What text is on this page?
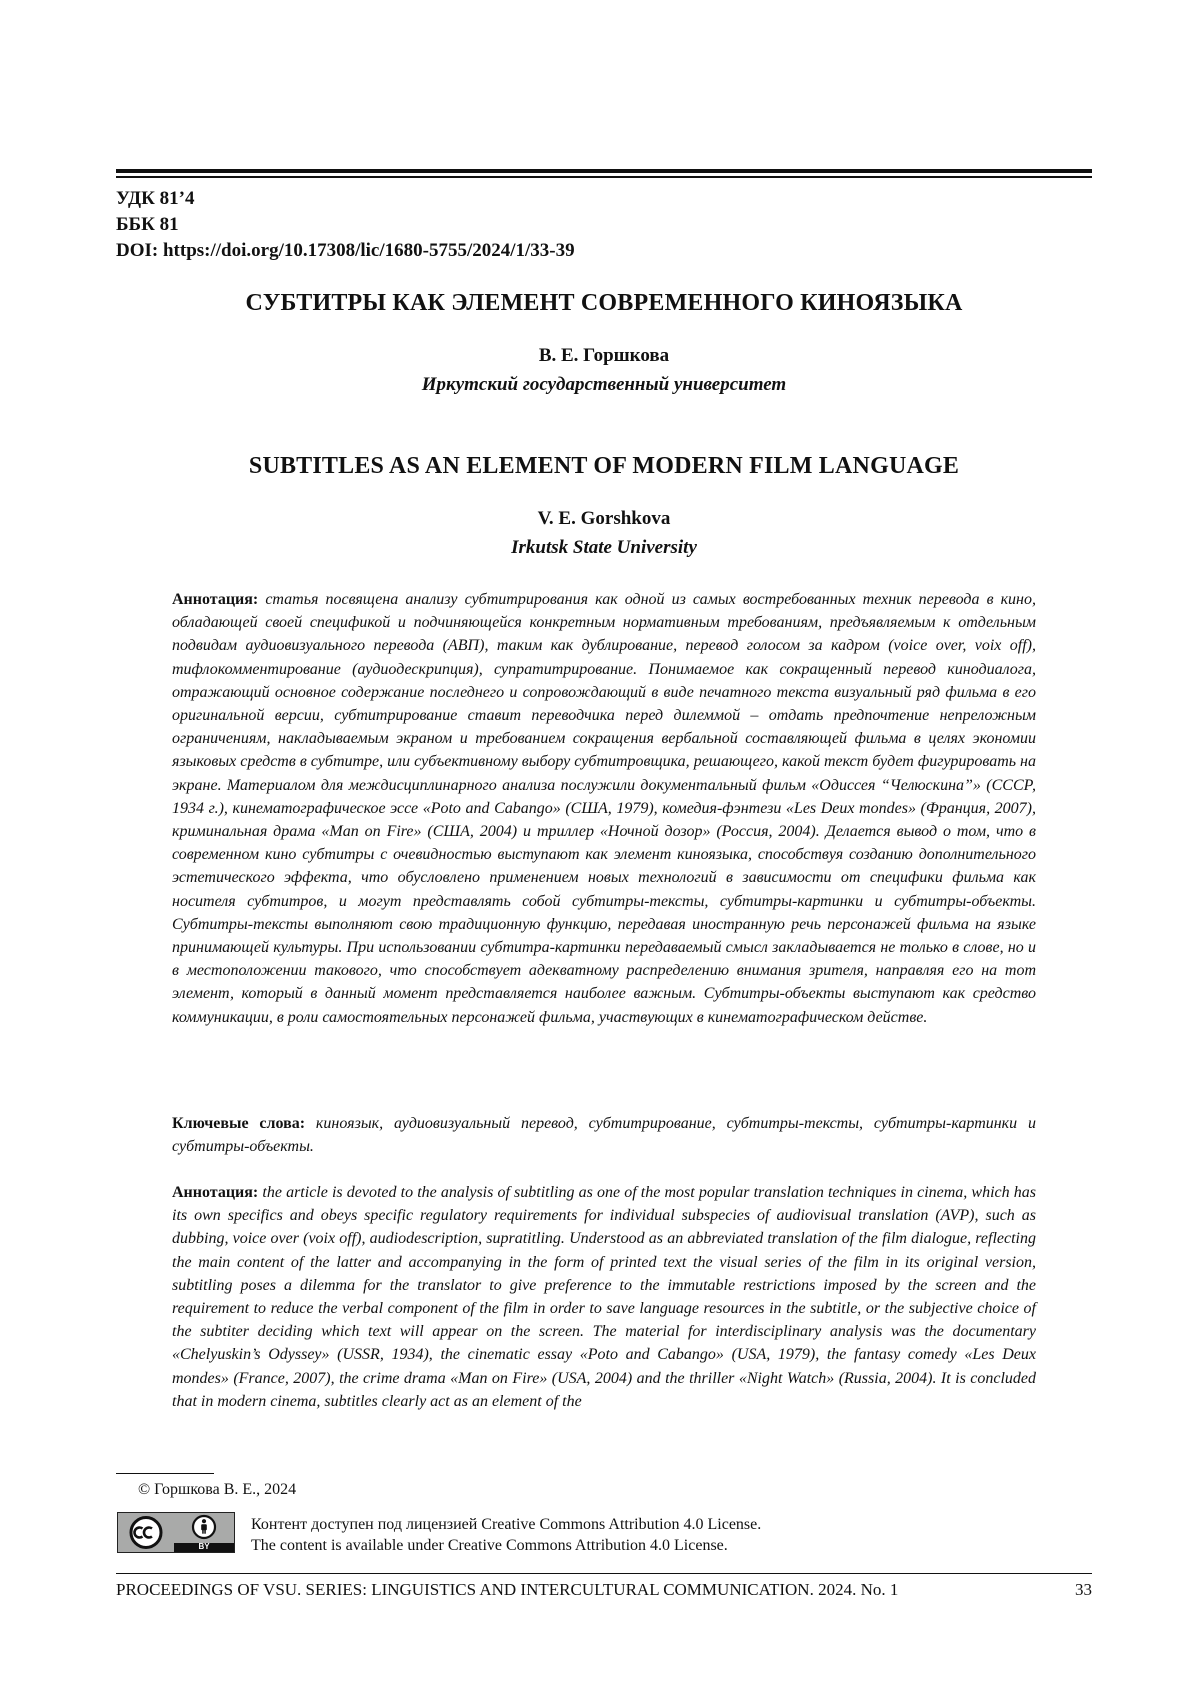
УДК 81’4
ББК 81
DOI: https://doi.org/10.17308/lic/1680-5755/2024/1/33-39
СУБТИТРЫ КАК ЭЛЕМЕНТ СОВРЕМЕННОГО КИНОЯЗЫКА
В. Е. Горшкова
Иркутский государственный университет
SUBTITLES AS AN ELEMENT OF MODERN FILM LANGUAGE
V. E. Gorshkova
Irkutsk State University
Аннотация: статья посвящена анализу субтитрирования как одной из самых востребованных техник перевода в кино, обладающей своей спецификой и подчиняющейся конкретным нормативным требованиям, предъявляемым к отдельным подвидам аудиовизуального перевода (АВП), таким как дублирование, перевод голосом за кадром (voice over, voix off), тифлокомментирование (аудиодескрипция), супратитрирование. Понимаемое как сокращенный перевод кинодиалога, отражающий основное содержание последнего и сопровождающий в виде печатного текста визуальный ряд фильма в его оригинальной версии, субтитрирование ставит переводчика перед дилеммой – отдать предпочтение непреложным ограничениям, накладываемым экраном и требованием сокращения вербальной составляющей фильма в целях экономии языковых средств в субтитре, или субъективному выбору субтитровщика, решающего, какой текст будет фигурировать на экране. Материалом для междисциплинарного анализа послужили документальный фильм «Одиссея “Челюскина”» (СССР, 1934 г.), кинематографическое эссе «Poto and Cabango» (США, 1979), комедия-фэнтези «Les Deux mondes» (Франция, 2007), криминальная драма «Man on Fire» (США, 2004) и триллер «Ночной дозор» (Россия, 2004). Делается вывод о том, что в современном кино субтитры с очевидностью выступают как элемент киноязыка, способствуя созданию дополнительного эстетического эффекта, что обусловлено применением новых технологий в зависимости от специфики фильма как носителя субтитров, и могут представлять собой субтитры-тексты, субтитры-картинки и субтитры-объекты. Субтитры-тексты выполняют свою традиционную функцию, передавая иностранную речь персонажей фильма на языке принимающей культуры. При использовании субтитра-картинки передаваемый смысл закладывается не только в слове, но и в местоположении такового, что способствует адекватному распределению внимания зрителя, направляя его на тот элемент, который в данный момент представляется наиболее важным. Субтитры-объекты выступают как средство коммуникации, в роли самостоятельных персонажей фильма, участвующих в кинематографическом действе.
Ключевые слова: киноязык, аудиовизуальный перевод, субтитрирование, субтитры-тексты, субтитры-картинки и субтитры-объекты.
Аннотация: the article is devoted to the analysis of subtitling as one of the most popular translation techniques in cinema, which has its own specifics and obeys specific regulatory requirements for individual subspecies of audiovisual translation (AVP), such as dubbing, voice over (voix off), audiodescription, supratitling. Understood as an abbreviated translation of the film dialogue, reflecting the main content of the latter and accompanying in the form of printed text the visual series of the film in its original version, subtitling poses a dilemma for the translator to give preference to the immutable restrictions imposed by the screen and the requirement to reduce the verbal component of the film in order to save language resources in the subtitle, or the subjective choice of the subtiter deciding which text will appear on the screen. The material for interdisciplinary analysis was the documentary «Chelyuskin’s Odyssey» (USSR, 1934), the cinematic essay «Poto and Cabango» (USA, 1979), the fantasy comedy «Les Deux mondes» (France, 2007), the crime drama «Man on Fire» (USA, 2004) and the thriller «Night Watch» (Russia, 2004). It is concluded that in modern cinema, subtitles clearly act as an element of the
© Горшкова В. Е., 2024
BY
Контент доступен под лицензией Creative Commons Attribution 4.0 License.
The content is available under Creative Commons Attribution 4.0 License.
PROCEEDINGS OF VSU. SERIES: LINGUISTICS AND INTERCULTURAL COMMUNICATION. 2024. No. 1	33
